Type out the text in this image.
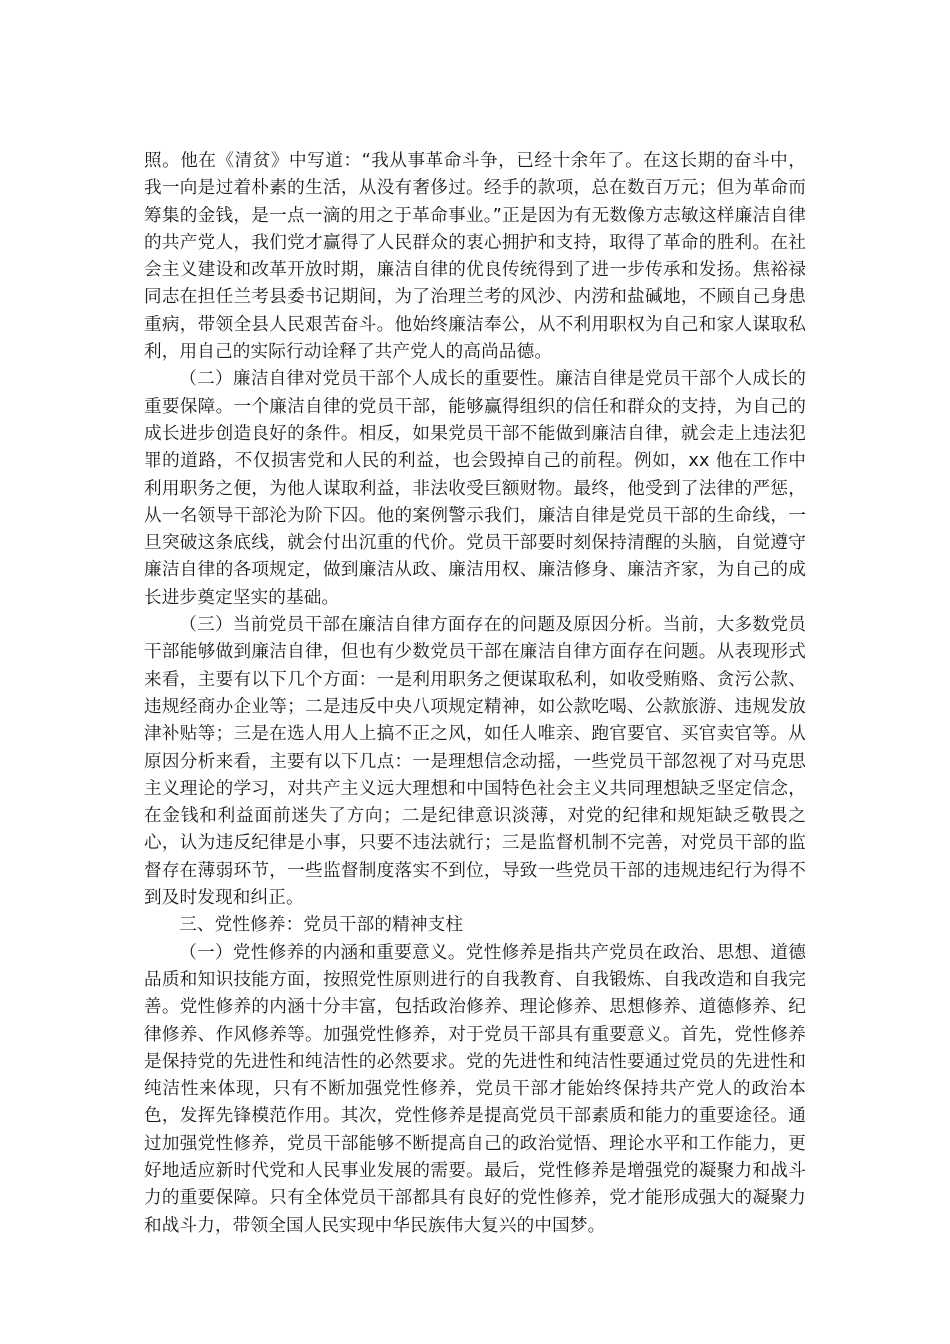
照。他在《清贫》中写道：“我从事革命斗争，已经十余年了。在这长期的奋斗中，我一向是过着朴素的生活，从没有奢侈过。经手的款项，总在数百万元；但为革命而筹集的金钱，是一点一滴的用之于革命事业。”正是因为有无数像方志敏这样廉洁自律的共产党人，我们党才赢得了人民群众的衷心拥护和支持，取得了革命的胜利。在社会主义建设和改革开放时期，廉洁自律的优良传统得到了进一步传承和发扬。焦裕禄同志在担任兰考县委书记期间，为了治理兰考的风沙、内涝和盐碱地，不顾自己身患重病，带领全县人民艰苦奋斗。他始终廉洁奉公，从不利用职权为自己和家人谋取私利，用自己的实际行动诠释了共产党人的高尚品德。

（二）廉洁自律对党员干部个人成长的重要性。廉洁自律是党员干部个人成长的重要保障。一个廉洁自律的党员干部，能够赢得组织的信任和群众的支持，为自己的成长进步创造良好的条件。相反，如果党员干部不能做到廉洁自律，就会走上违法犯罪的道路，不仅损害党和人民的利益，也会毁掉自己的前程。例如，xx 他在工作中利用职务之便，为他人谋取利益，非法收受巨额财物。最终，他受到了法律的严惩，从一名领导干部沦为阶下囚。他的案例警示我们，廉洁自律是党员干部的生命线，一旦突破这条底线，就会付出沉重的代价。党员干部要时刻保持清醒的头脑，自觉遵守廉洁自律的各项规定，做到廉洁从政、廉洁用权、廉洁修身、廉洁齐家，为自己的成长进步奠定坚实的基础。

（三）当前党员干部在廉洁自律方面存在的问题及原因分析。当前，大多数党员干部能够做到廉洁自律，但也有少数党员干部在廉洁自律方面存在问题。从表现形式来看，主要有以下几个方面：一是利用职务之便谋取私利，如收受贿赂、贪污公款、违规经商办企业等；二是违反中央八项规定精神，如公款吃喝、公款旅游、违规发放津补贴等；三是在选人用人上搞不正之风，如任人唯亲、跑官要官、买官卖官等。从原因分析来看，主要有以下几点：一是理想信念动摇，一些党员干部忽视了对马克思主义理论的学习，对共产主义远大理想和中国特色社会主义共同理想缺乏坚定信念，在金钱和利益面前迷失了方向；二是纪律意识淡薄，对党的纪律和规矩缺乏敬畏之心，认为违反纪律是小事，只要不违法就行；三是监督机制不完善，对党员干部的监督存在薄弱环节，一些监督制度落实不到位，导致一些党员干部的违规违纪行为得不到及时发现和纠正。

三、党性修养：党员干部的精神支柱

（一）党性修养的内涵和重要意义。党性修养是指共产党员在政治、思想、道德品质和知识技能方面，按照党性原则进行的自我教育、自我锻炼、自我改造和自我完善。党性修养的内涵十分丰富，包括政治修养、理论修养、思想修养、道德修养、纪律修养、作风修养等。加强党性修养，对于党员干部具有重要意义。首先，党性修养是保持党的先进性和纯洁性的必然要求。党的先进性和纯洁性要通过党员的先进性和纯洁性来体现，只有不断加强党性修养，党员干部才能始终保持共产党人的政治本色，发挥先锋模范作用。其次，党性修养是提高党员干部素质和能力的重要途径。通过加强党性修养，党员干部能够不断提高自己的政治觉悟、理论水平和工作能力，更好地适应新时代党和人民事业发展的需要。最后，党性修养是增强党的凝聚力和战斗力的重要保障。只有全体党员干部都具有良好的党性修养，党才能形成强大的凝聚力和战斗力，带领全国人民实现中华民族伟大复兴的中国梦。
